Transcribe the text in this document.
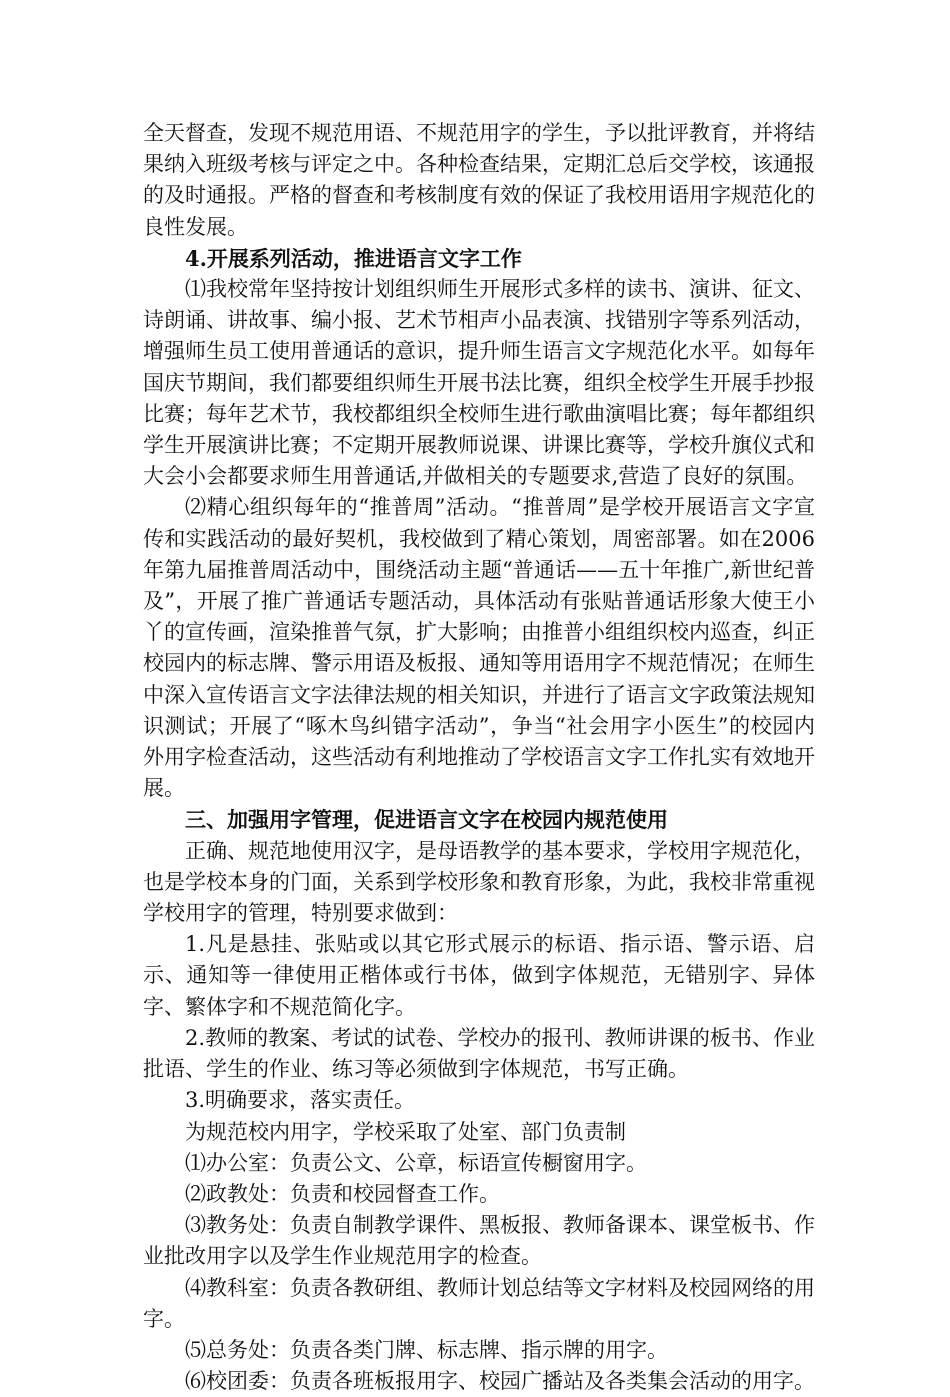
全天督查，发现不规范用语、不规范用字的学生，予以批评教育，并将结果纳入班级考核与评定之中。各种检查结果，定期汇总后交学校，该通报的及时通报。严格的督查和考核制度有效的保证了我校用语用字规范化的良性发展。

4.开展系列活动，推进语言文字工作

⑴我校常年坚持按计划组织师生开展形式多样的读书、演讲、征文、诗朗诵、讲故事、编小报、艺术节相声小品表演、找错别字等系列活动，增强师生员工使用普通话的意识，提升师生语言文字规范化水平。如每年国庆节期间，我们都要组织师生开展书法比赛，组织全校学生开展手抄报比赛；每年艺术节，我校都组织全校师生进行歌曲演唱比赛；每年都组织学生开展演讲比赛；不定期开展教师说课、讲课比赛等，学校升旗仪式和大会小会都要求师生用普通话,并做相关的专题要求,营造了良好的氛围。

⑵精心组织每年的“推普周”活动。“推普周”是学校开展语言文字宣传和实践活动的最好契机，我校做到了精心策划，周密部署。如在2006年第九届推普周活动中，围绕活动主题“普通话——五十年推广,新世纪普及”，开展了推广普通话专题活动，具体活动有张贴普通话形象大使王小丫的宣传画，渲染推普气氛，扩大影响；由推普小组组织校内巡查，纠正校园内的标志牌、警示用语及板报、通知等用语用字不规范情况；在师生中深入宣传语言文字法律法规的相关知识，并进行了语言文字政策法规知识测试；开展了“啄木鸟纠错字活动”，争当“社会用字小医生”的校园内外用字检查活动，这些活动有利地推动了学校语言文字工作扎实有效地开展。

三、加强用字管理，促进语言文字在校园内规范使用

正确、规范地使用汉字，是母语教学的基本要求，学校用字规范化，也是学校本身的门面，关系到学校形象和教育形象，为此，我校非常重视学校用字的管理，特别要求做到：

1.凡是悬挂、张贴或以其它形式展示的标语、指示语、警示语、启示、通知等一律使用正楷体或行书体，做到字体规范，无错别字、异体字、繁体字和不规范简化字。

2.教师的教案、考试的试卷、学校办的报刊、教师讲课的板书、作业批语、学生的作业、练习等必须做到字体规范，书写正确。

3.明确要求，落实责任。

为规范校内用字，学校采取了处室、部门负责制

⑴办公室：负责公文、公章，标语宣传橱窗用字。

⑵政教处：负责和校园督查工作。

⑶教务处：负责自制教学课件、黑板报、教师备课本、课堂板书、作业批改用字以及学生作业规范用字的检查。

⑷教科室：负责各教研组、教师计划总结等文字材料及校园网络的用字。

⑸总务处：负责各类门牌、标志牌、指示牌的用字。

⑹校团委：负责各班板报用字、校园广播站及各类集会活动的用字。
